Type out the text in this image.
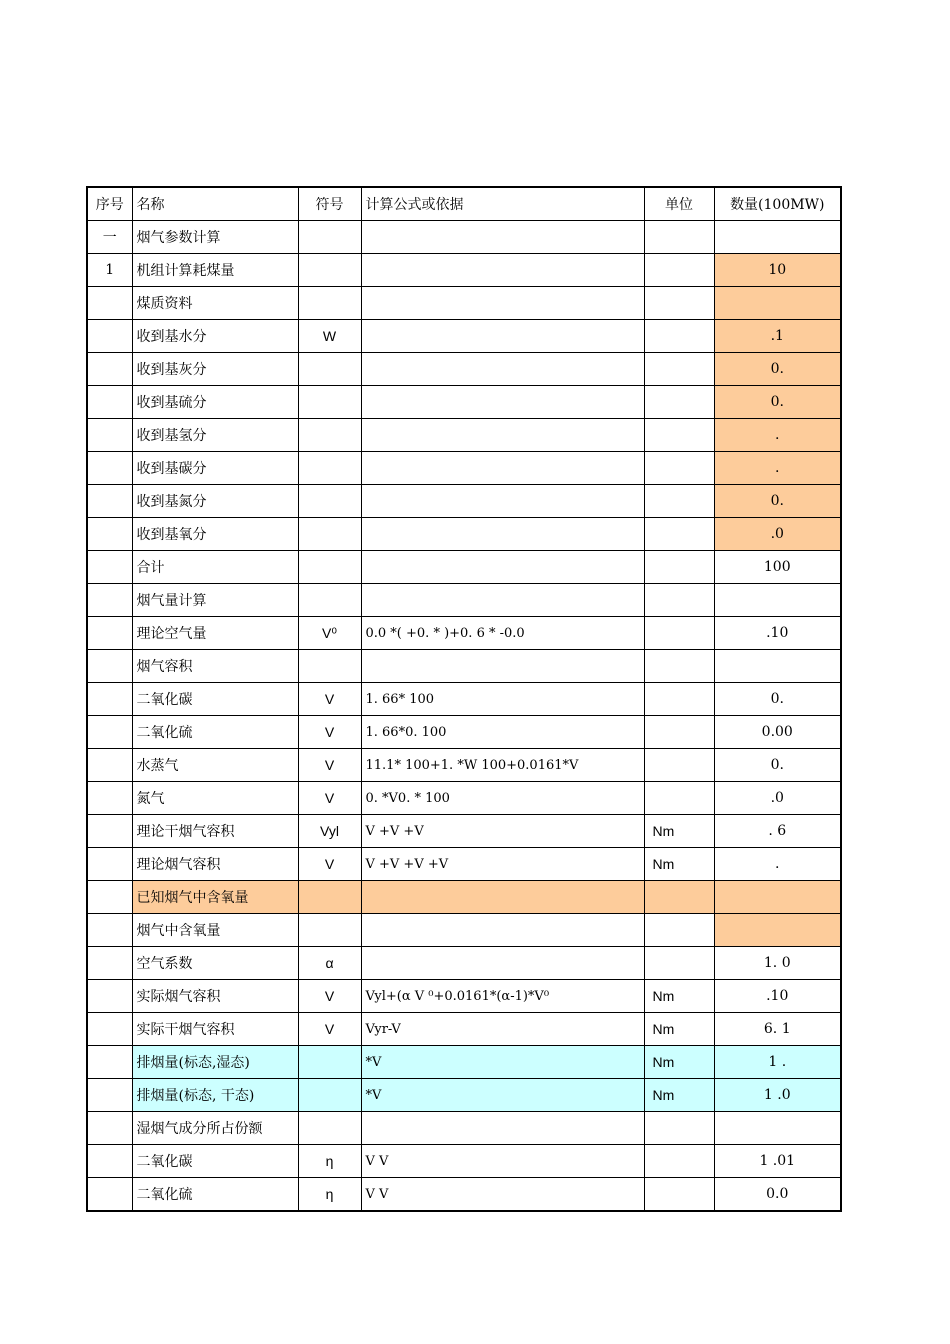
序号	名称	符号	计算公式或依据	单位	数量(100MW)
一	烟气参数计算				
1	机组计算耗煤量				10
	煤质资料				
	收到基水分	W			.1
	收到基灰分				0.
	收到基硫分				0.
	收到基氢分				.
	收到基碳分				.
	收到基氮分				0.
	收到基氧分				.0
	合计				100
	烟气量计算				
	理论空气量	V⁰	0.0 *( +0. * )+0. 6 * -0.0		.10
	烟气容积				
	二氧化碳	V	1. 66* 100		0.
	二氧化硫	V	1. 66*0. 100		0.00
	水蒸气	V	11.1* 100+1. *W 100+0.0161*V		0.
	氮气	V	0. *V0. * 100		.0
	理论干烟气容积	Vyl	V +V +V	Nm	. 6
	理论烟气容积	V	V +V +V +V	Nm	.
	已知烟气中含氧量				
	烟气中含氧量				
	空气系数	α			1. 0
	实际烟气容积	V	Vyl+(α V ⁰+0.0161*(α-1)*V⁰	Nm	.10
	实际干烟气容积	V	Vyr-V	Nm	6. 1
	排烟量(标态,湿态)		*V	Nm	1 .
	排烟量(标态, 干态)		*V	Nm	1 .0
	湿烟气成分所占份额				
	二氧化碳	η	V V		1 .01
	二氧化硫	η	V V		0.0
